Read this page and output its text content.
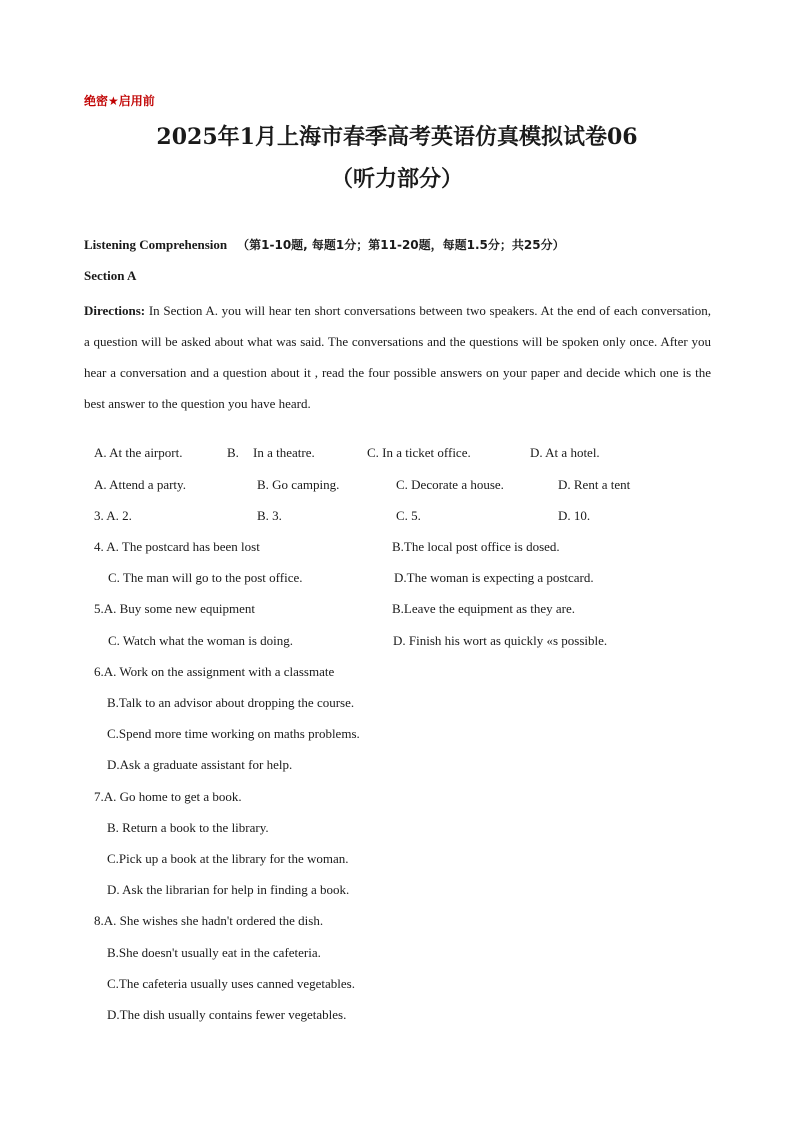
绝密★启用前
2025年1月上海市春季高考英语仿真模拟试卷06
（听力部分）
Listening Comprehension （第1-10题, 每题1分；第11-20题，每题1.5分；共25分）
Section A
Directions: In Section A. you will hear ten short conversations between two speakers. At the end of each conversation, a question will be asked about what was said. The conversations and the questions will be spoken only once. After you hear a conversation and a question about it , read the four possible answers on your paper and decide which one is the best answer to the question you have heard.
A. At the airport.	B. In a theatre.	C. In a ticket office.	D. At a hotel.
A. Attend a party.	B. Go camping.	C. Decorate a house.	D. Rent a tent
3. A. 2.	B. 3.	C. 5.	D. 10.
4. A. The postcard has been lost	B.The local post office is dosed.
C. The man will go to the post office.	D.The woman is expecting a postcard.
5.A. Buy some new equipment	B.Leave the equipment as they are.
C. Watch what the woman is doing.	D. Finish his wort as quickly «s possible.
6.A. Work on the assignment with a classmate
B.Talk to an advisor about dropping the course.
C.Spend more time working on maths problems.
D.Ask a graduate assistant for help.
7.A. Go home to get a book.
B. Return a book to the library.
C.Pick up a book at the library for the woman.
D. Ask the librarian for help in finding a book.
8.A. She wishes she hadn't ordered the dish.
B.She doesn't usually eat in the cafeteria.
C.The cafeteria usually uses canned vegetables.
D.The dish usually contains fewer vegetables.
